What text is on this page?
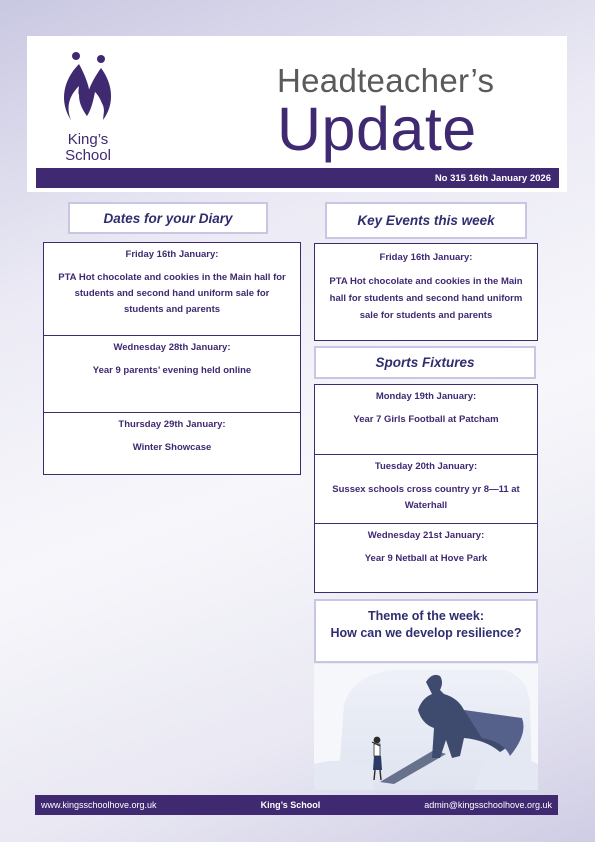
King’s
School
Headteacher’s
Update
No 315 16th January 2026
Dates for your Diary
Friday 16th January:
PTA Hot chocolate and cookies in the Main hall for students and second hand uniform sale for students and parents
Wednesday 28th January:
Year 9 parents’ evening held online
Thursday 29th January:
Winter Showcase
Key Events this week
Friday 16th January:
PTA Hot chocolate and cookies in the Main hall for students and second hand uniform sale for students and parents
Sports Fixtures
Monday 19th January:
Year 7 Girls Football at Patcham
Tuesday 20th January:
Sussex schools cross country yr 8—11 at Waterhall
Wednesday 21st January:
Year 9 Netball at Hove Park
Theme of the week:
How can we develop resilience?
www.kingsschoolhove.org.uk	King’s School	admin@kingsschoolhove.org.uk
